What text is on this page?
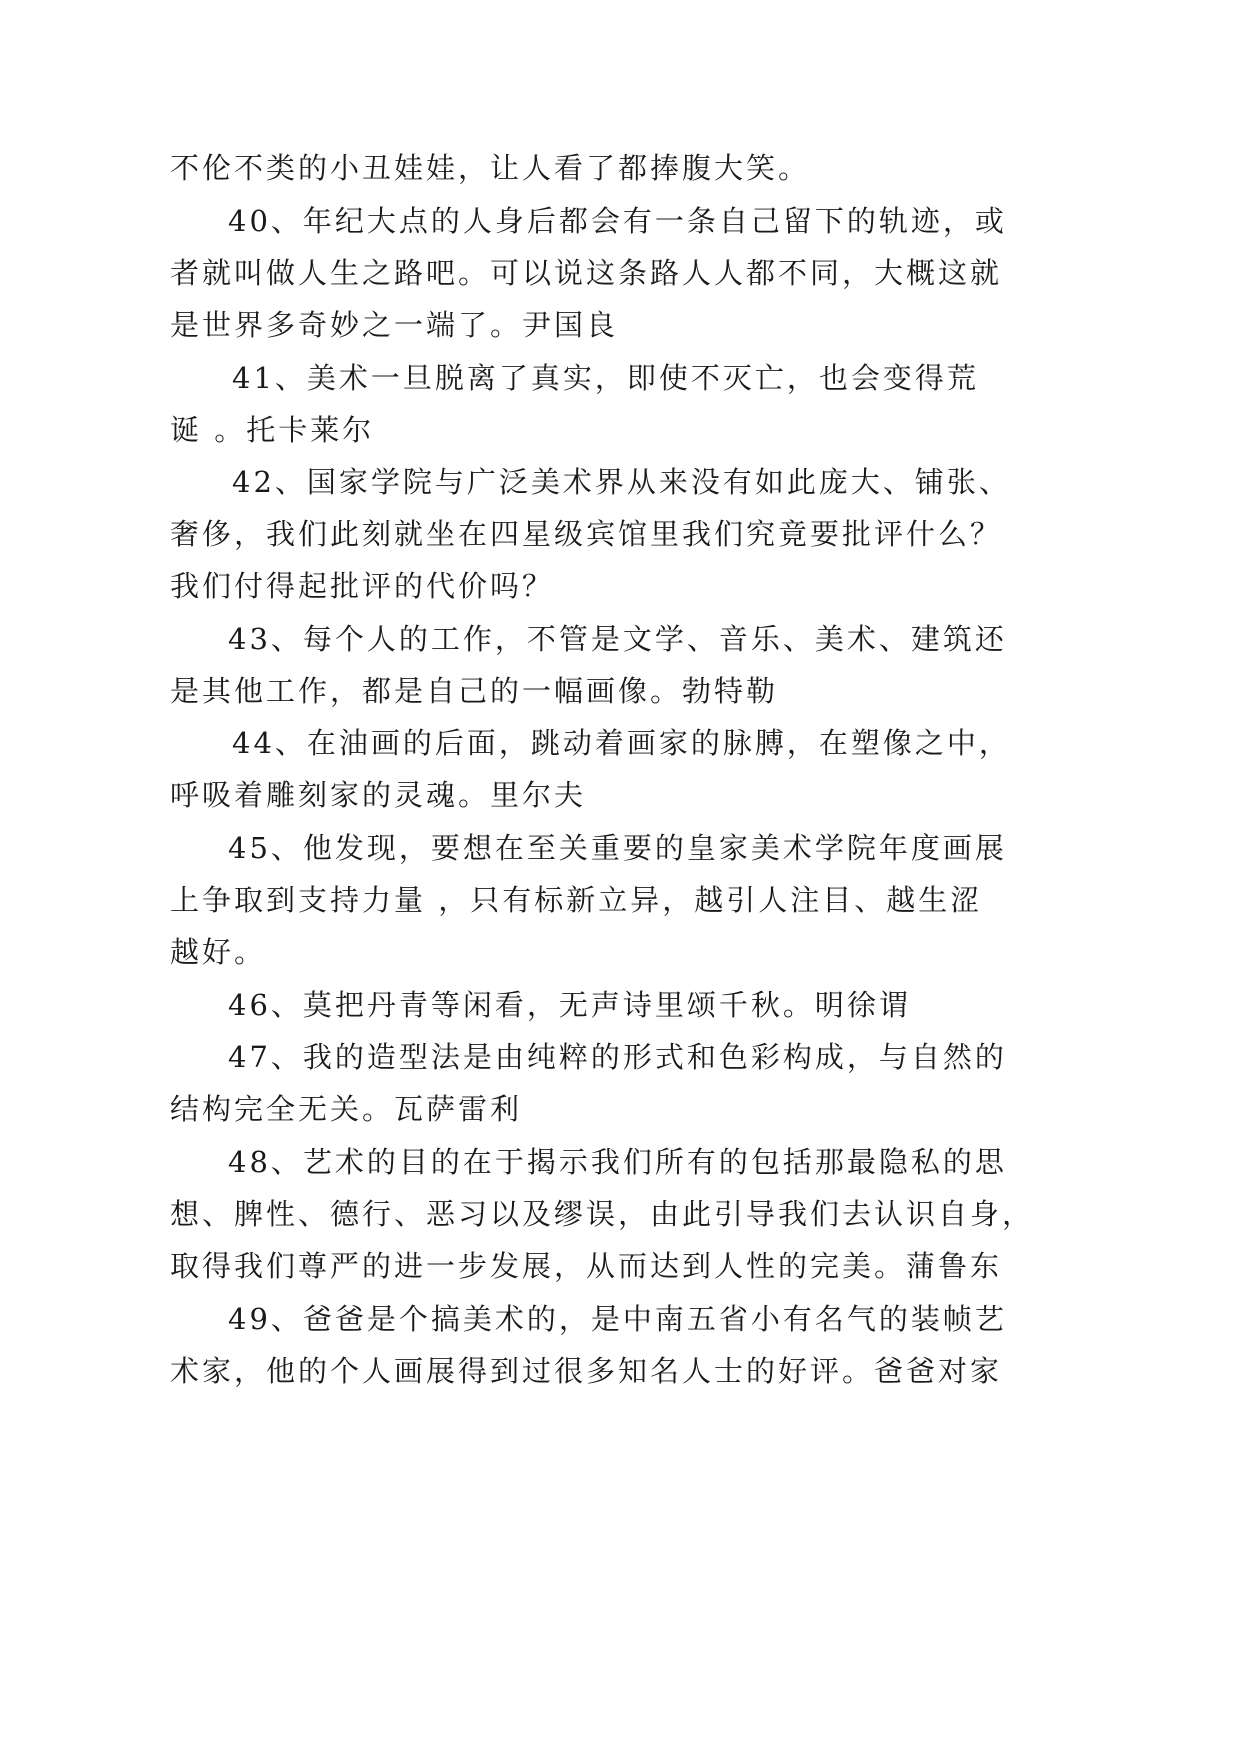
不伦不类的小丑娃娃，让人看了都捧腹大笑。
40、年纪大点的人身后都会有一条自己留下的轨迹，或
者就叫做人生之路吧。可以说这条路人人都不同，大概这就
是世界多奇妙之一端了。尹国良
41、美术一旦脱离了真实，即使不灭亡，也会变得荒
诞 。托卡莱尔
42、国家学院与广泛美术界从来没有如此庞大、铺张、
奢侈，我们此刻就坐在四星级宾馆里我们究竟要批评什么？
我们付得起批评的代价吗？
43、每个人的工作，不管是文学、音乐、美术、建筑还
是其他工作，都是自己的一幅画像。勃特勒
44、在油画的后面，跳动着画家的脉膊，在塑像之中，
呼吸着雕刻家的灵魂。里尔夫
45、他发现，要想在至关重要的皇家美术学院年度画展
上争取到支持力量 ，只有标新立异，越引人注目、越生涩
越好。
46、莫把丹青等闲看，无声诗里颂千秋。明徐谓
47、我的造型法是由纯粹的形式和色彩构成，与自然的
结构完全无关。瓦萨雷利
48、艺术的目的在于揭示我们所有的包括那最隐私的思
想、脾性、德行、恶习以及缪误，由此引导我们去认识自身，
取得我们尊严的进一步发展，从而达到人性的完美。蒲鲁东
49、爸爸是个搞美术的，是中南五省小有名气的装帧艺
术家，他的个人画展得到过很多知名人士的好评。爸爸对家
